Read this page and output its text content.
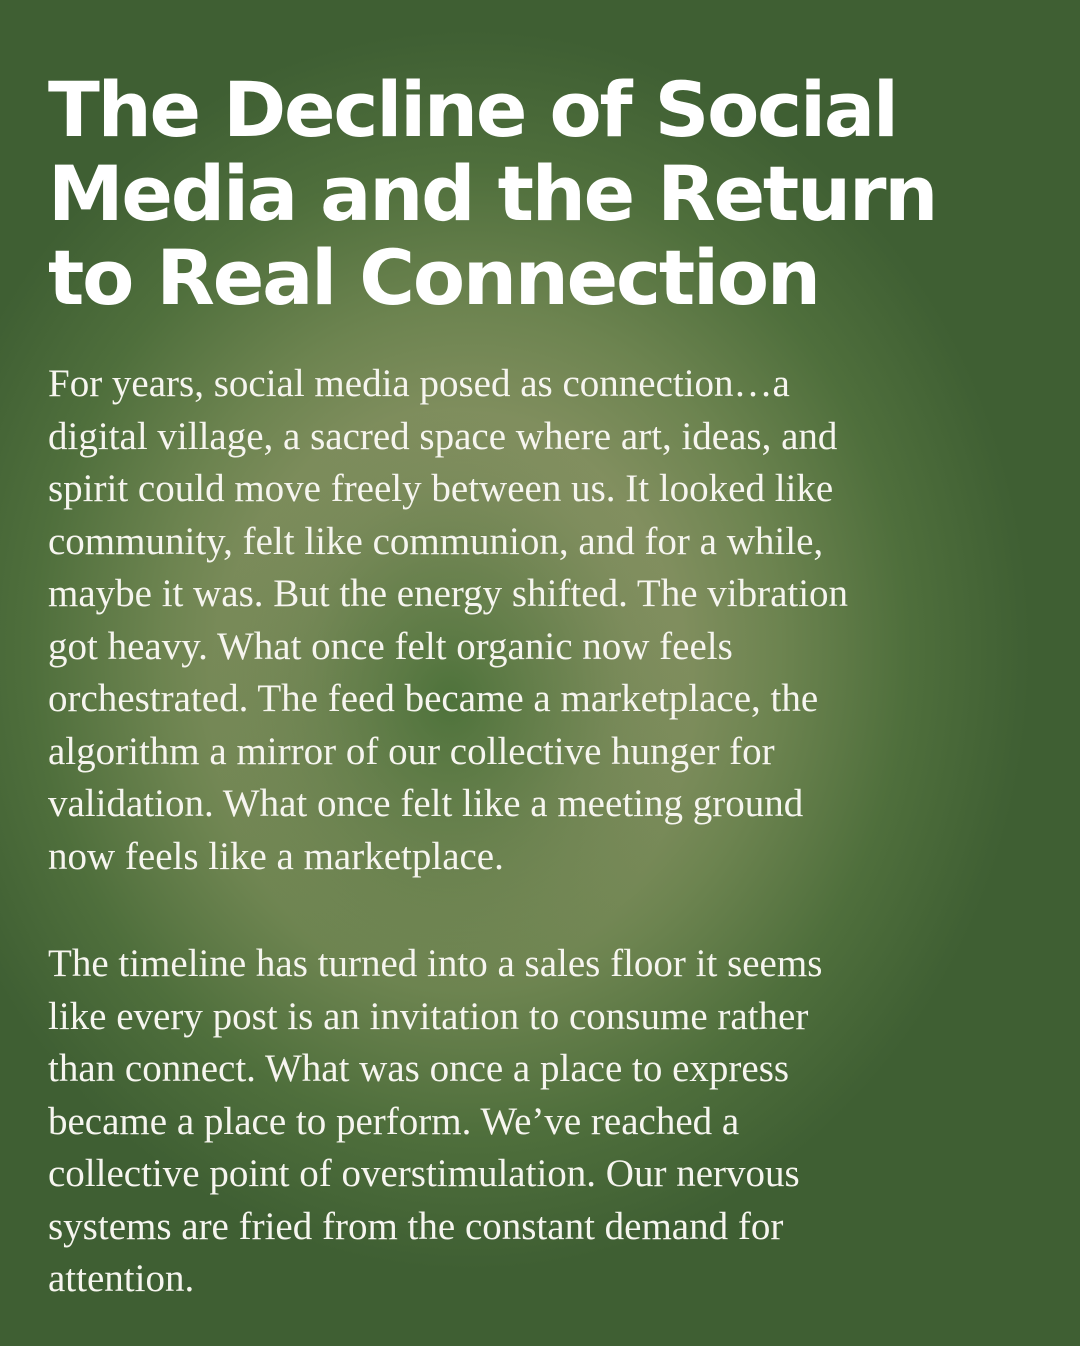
The Decline of Social
Media and the Return
to Real Connection
For years, social media posed as connection…a
digital village, a sacred space where art, ideas, and
spirit could move freely between us. It looked like
community, felt like communion, and for a while,
maybe it was. But the energy shifted. The vibration
got heavy. What once felt organic now feels
orchestrated. The feed became a marketplace, the
algorithm a mirror of our collective hunger for
validation. What once felt like a meeting ground
now feels like a marketplace.
The timeline has turned into a sales floor it seems
like every post is an invitation to consume rather
than connect. What was once a place to express
became a place to perform. We’ve reached a
collective point of overstimulation. Our nervous
systems are fried from the constant demand for
attention.
